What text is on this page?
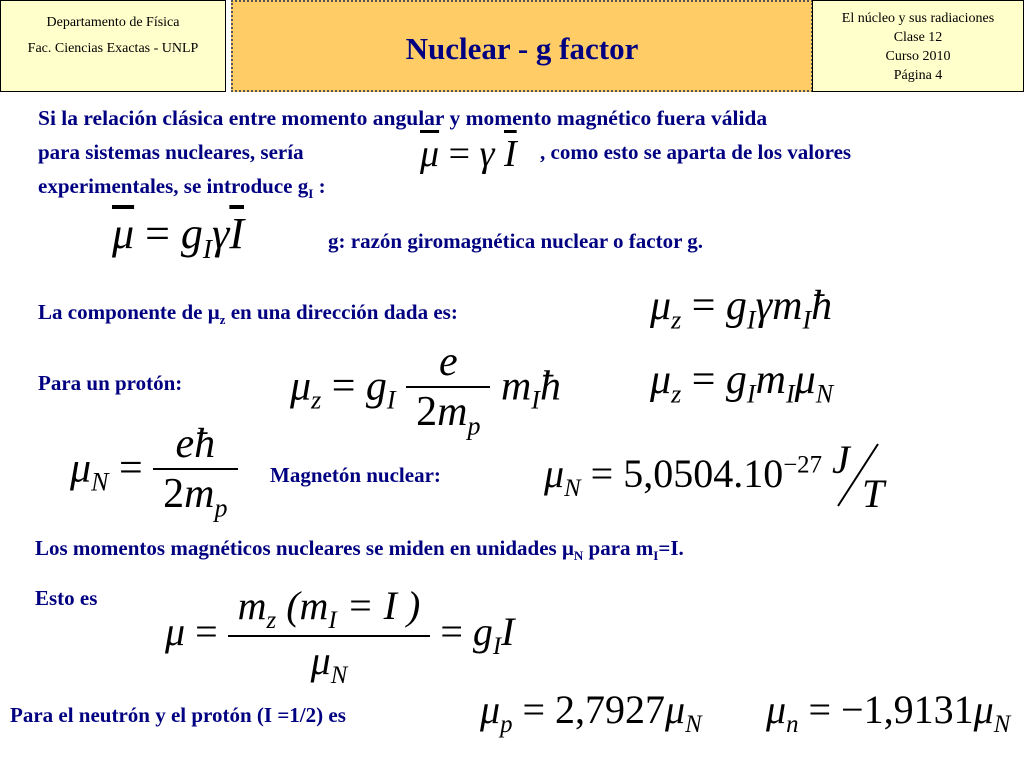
Departamento de Física
Fac. Ciencias Exactas - UNLP	Nuclear - g factor
El núcleo y sus radiaciones
Clase 12
Curso 2010
Página 4
Si la relación clásica entre momento angular y momento magnético fuera válida
para sistemas nucleares, sería	$\overline{\mu} = \gamma$ $\overline{I}$ , como esto se aparta de los valores
experimentales, se introduce $g_I$ :
$\overline{\mu} = g_I\gamma\overline{I}$	g: razón giromagnética nuclear o factor g.
La componente de $\mu_z$ en una dirección dada es:	$\mu_z$ = $g_I\gamma m_Iħ$
$\mu_z = g_Im_I\mu_N$
Para un protón:	$\mu_z = g_I \frac{e}{2m_p}$ $m_Iħ$
$\mu_N = \frac{eħ}{2m_p}$ Magnetón nuclear:	$\mu_N = 5,0504.10^{-27}$ J
T
Los momentos magnéticos nucleares se miden en unidades $\mu_N$ para $m_I=I$.
Esto es
$\mu = \frac{m_z (m_I = I )}{\mu_N} = g_II$
Para el neutrón y el protón (I =1/2) es	$\mu_p = 2,7927\mu_N$ $\mu_n = -1,9131\mu_N$
